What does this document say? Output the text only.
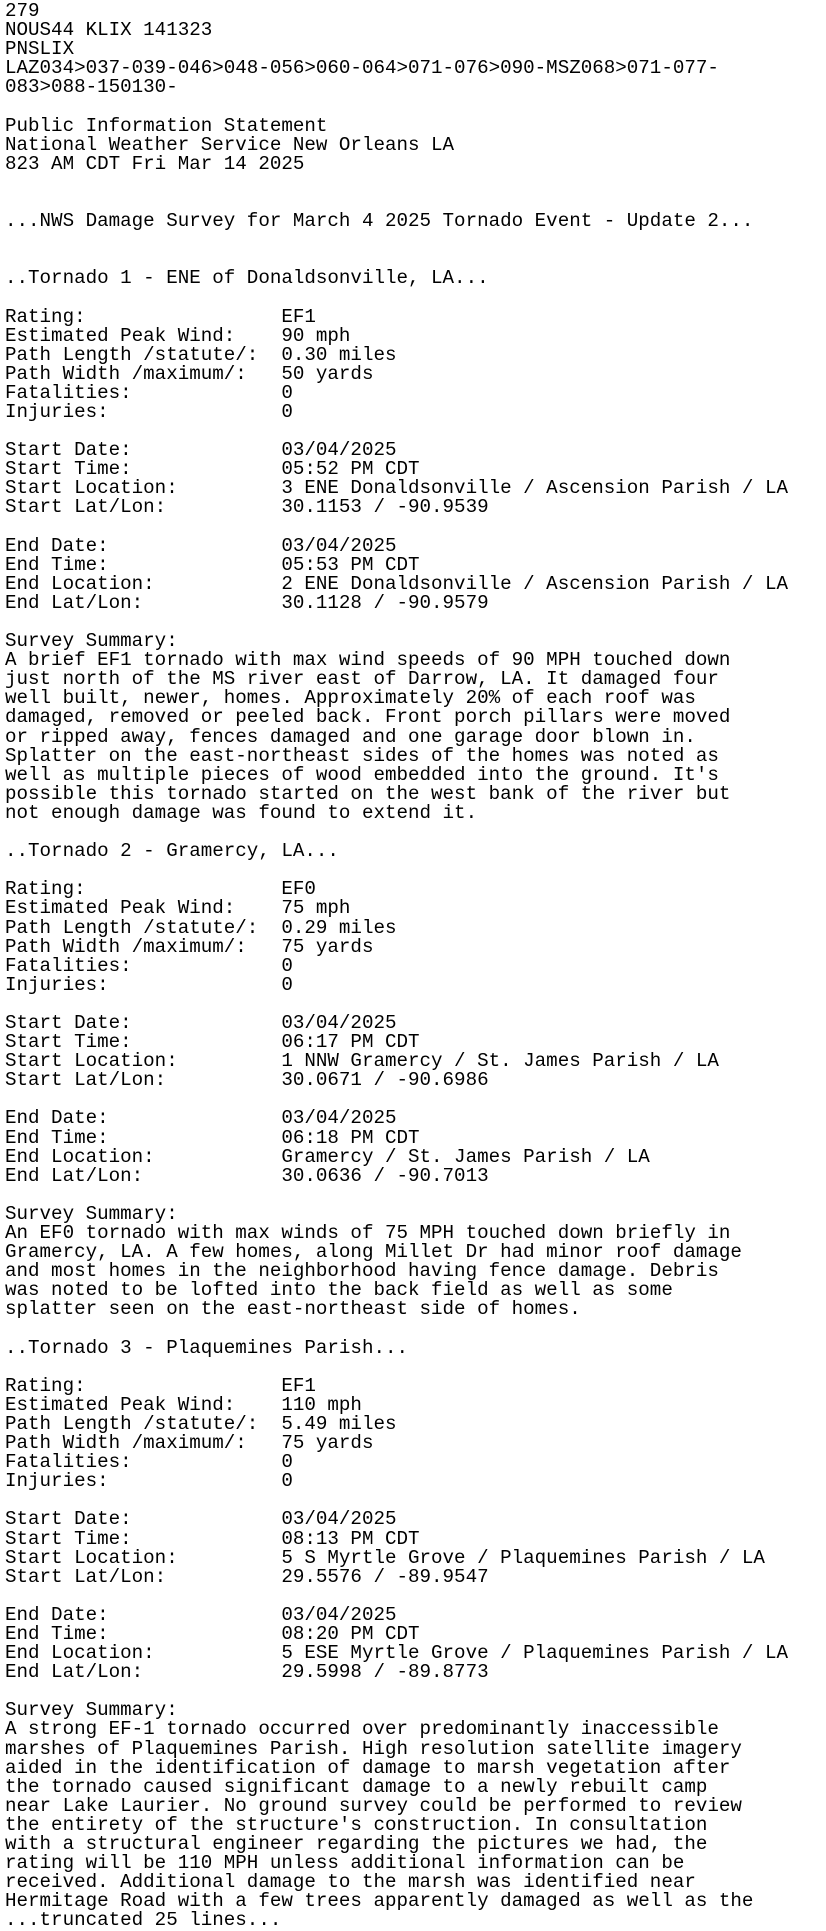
279
NOUS44 KLIX 141323
PNSLIX
LAZ034>037-039-046>048-056>060-064>071-076>090-MSZ068>071-077-
083>088-150130-
Public Information Statement
National Weather Service New Orleans LA
823 AM CDT Fri Mar 14 2025
...NWS Damage Survey for March 4 2025 Tornado Event - Update 2...
..Tornado 1 - ENE of Donaldsonville, LA...
Rating:                 EF1
Estimated Peak Wind:    90 mph
Path Length /statute/:  0.30 miles
Path Width /maximum/:   50 yards
Fatalities:             0
Injuries:               0
Start Date:             03/04/2025
Start Time:             05:52 PM CDT
Start Location:         3 ENE Donaldsonville / Ascension Parish / LA
Start Lat/Lon:          30.1153 / -90.9539
End Date:               03/04/2025
End Time:               05:53 PM CDT
End Location:           2 ENE Donaldsonville / Ascension Parish / LA
End Lat/Lon:            30.1128 / -90.9579
Survey Summary:
A brief EF1 tornado with max wind speeds of 90 MPH touched down
just north of the MS river east of Darrow, LA. It damaged four
well built, newer, homes. Approximately 20% of each roof was
damaged, removed or peeled back. Front porch pillars were moved
or ripped away, fences damaged and one garage door blown in.
Splatter on the east-northeast sides of the homes was noted as
well as multiple pieces of wood embedded into the ground. It's
possible this tornado started on the west bank of the river but
not enough damage was found to extend it.
..Tornado 2 - Gramercy, LA...
Rating:                 EF0
Estimated Peak Wind:    75 mph
Path Length /statute/:  0.29 miles
Path Width /maximum/:   75 yards
Fatalities:             0
Injuries:               0
Start Date:             03/04/2025
Start Time:             06:17 PM CDT
Start Location:         1 NNW Gramercy / St. James Parish / LA
Start Lat/Lon:          30.0671 / -90.6986
End Date:               03/04/2025
End Time:               06:18 PM CDT
End Location:           Gramercy / St. James Parish / LA
End Lat/Lon:            30.0636 / -90.7013
Survey Summary:
An EF0 tornado with max winds of 75 MPH touched down briefly in
Gramercy, LA. A few homes, along Millet Dr had minor roof damage
and most homes in the neighborhood having fence damage. Debris
was noted to be lofted into the back field as well as some
splatter seen on the east-northeast side of homes.
..Tornado 3 - Plaquemines Parish...
Rating:                 EF1
Estimated Peak Wind:    110 mph
Path Length /statute/:  5.49 miles
Path Width /maximum/:   75 yards
Fatalities:             0
Injuries:               0
Start Date:             03/04/2025
Start Time:             08:13 PM CDT
Start Location:         5 S Myrtle Grove / Plaquemines Parish / LA
Start Lat/Lon:          29.5576 / -89.9547
End Date:               03/04/2025
End Time:               08:20 PM CDT
End Location:           5 ESE Myrtle Grove / Plaquemines Parish / LA
End Lat/Lon:            29.5998 / -89.8773
Survey Summary:
A strong EF-1 tornado occurred over predominantly inaccessible
marshes of Plaquemines Parish. High resolution satellite imagery
aided in the identification of damage to marsh vegetation after
the tornado caused significant damage to a newly rebuilt camp
near Lake Laurier. No ground survey could be performed to review
the entirety of the structure's construction. In consultation
with a structural engineer regarding the pictures we had, the
rating will be 110 MPH unless additional information can be
received. Additional damage to the marsh was identified near
Hermitage Road with a few trees apparently damaged as well as the
...truncated 25 lines...
